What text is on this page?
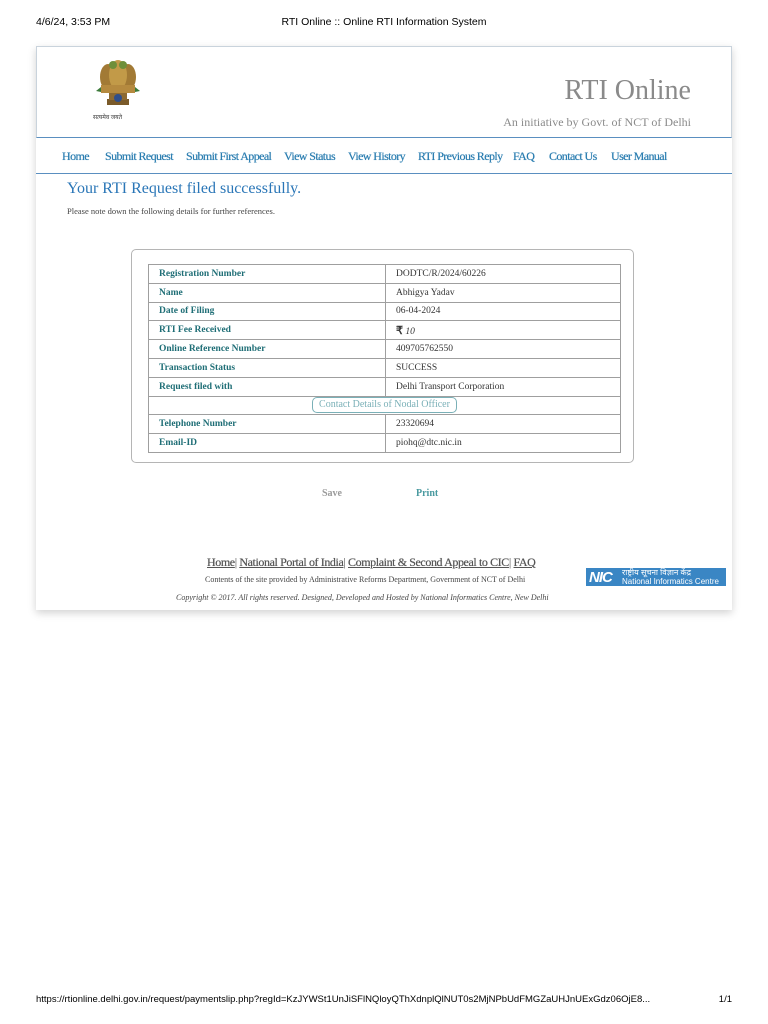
4/6/24, 3:53 PM	RTI Online :: Online RTI Information System
सत्यमेव जयते
RTI Online
An initiative by Govt. of NCT of Delhi
Home Submit Request Submit First Appeal View Status View History RTI Previous Reply FAQ Contact Us User Manual
Your RTI Request filed successfully.
Please note down the following details for further references.
Registration Number	DODTC/R/2024/60226
Name	Abhigya Yadav
Date of Filing	06-04-2024
RTI Fee Received	₹ 10
Online Reference Number	409705762550
Transaction Status	SUCCESS
Request filed with	Delhi Transport Corporation
Contact Details of Nodal Officer	
Telephone Number	23320694
Email-ID	piohq@dtc.nic.in
Save	Print
Home| National Portal of India| Complaint & Second Appeal to CIC| FAQ
Contents of the site provided by Administrative Reforms Department, Government of NCT of Delhi
Copyright © 2017. All rights reserved. Designed, Developed and Hosted by National Informatics Centre, New Delhi
NIC राष्ट्रीय सूचना विज्ञान केंद्र
National Informatics Centre
https://rtionline.delhi.gov.in/request/paymentslip.php?regId=KzJYWSt1UnJiSFlNQloyQThXdnplQlNUT0s2MjNPbUdFMGZaUHJnUExGdz06OjE8...	1/1
